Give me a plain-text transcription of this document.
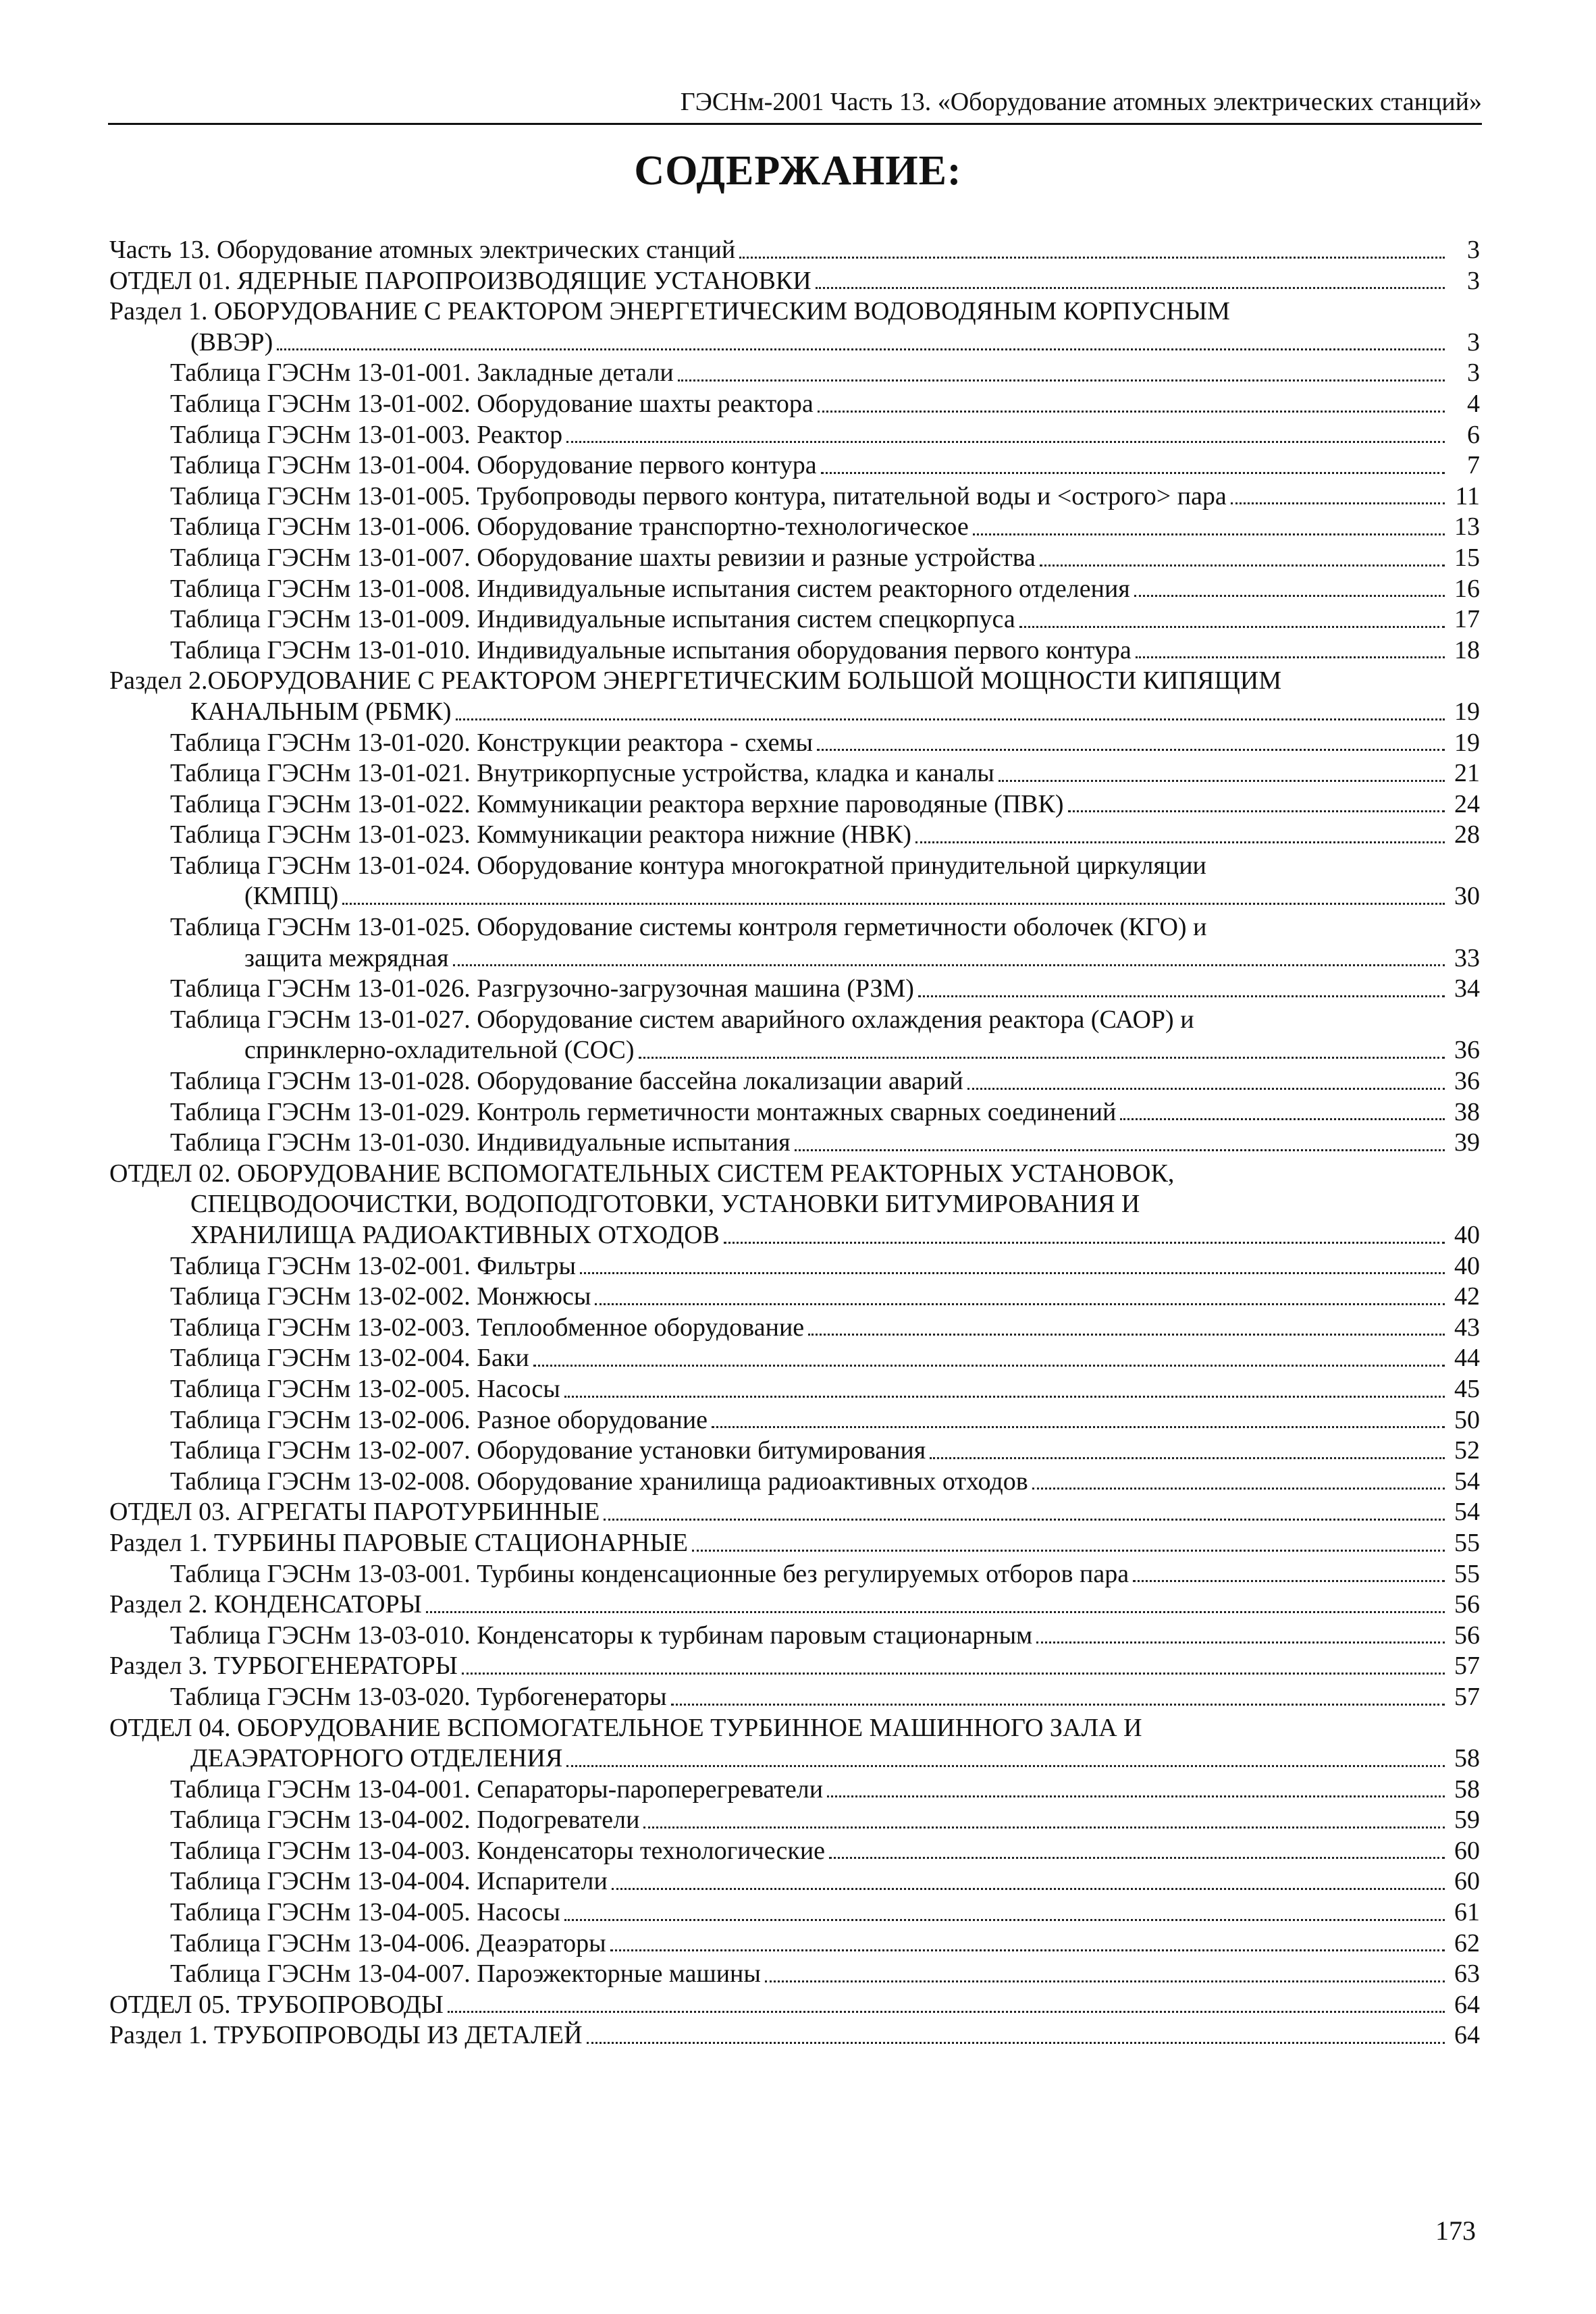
ГЭСНм-2001 Часть 13. «Оборудование атомных электрических станций»
СОДЕРЖАНИЕ:
Часть 13. Оборудование атомных электрических станций	3
ОТДЕЛ 01. ЯДЕРНЫЕ ПАРОПРОИЗВОДЯЩИЕ УСТАНОВКИ	3
Раздел 1. ОБОРУДОВАНИЕ С РЕАКТОРОМ ЭНЕРГЕТИЧЕСКИМ ВОДОВОДЯНЫМ КОРПУСНЫМ
(ВВЭР)	3
Таблица ГЭСНм 13-01-001. Закладные детали	3
Таблица ГЭСНм 13-01-002. Оборудование шахты реактора	4
Таблица ГЭСНм 13-01-003. Реактор	6
Таблица ГЭСНм 13-01-004. Оборудование первого контура	7
Таблица ГЭСНм 13-01-005. Трубопроводы первого контура, питательной воды и <острого> пара	11
Таблица ГЭСНм 13-01-006. Оборудование транспортно-технологическое	13
Таблица ГЭСНм 13-01-007. Оборудование шахты ревизии и разные устройства	15
Таблица ГЭСНм 13-01-008. Индивидуальные испытания систем реакторного отделения	16
Таблица ГЭСНм 13-01-009. Индивидуальные испытания систем спецкорпуса	17
Таблица ГЭСНм 13-01-010. Индивидуальные испытания оборудования первого контура	18
Раздел 2.ОБОРУДОВАНИЕ С РЕАКТОРОМ ЭНЕРГЕТИЧЕСКИМ БОЛЬШОЙ МОЩНОСТИ КИПЯЩИМ
КАНАЛЬНЫМ (РБМК)	19
Таблица ГЭСНм 13-01-020. Конструкции реактора - схемы	19
Таблица ГЭСНм 13-01-021. Внутрикорпусные устройства, кладка и каналы	21
Таблица ГЭСНм 13-01-022. Коммуникации реактора верхние пароводяные (ПВК)	24
Таблица ГЭСНм 13-01-023. Коммуникации реактора нижние (НВК)	28
Таблица ГЭСНм 13-01-024. Оборудование контура многократной принудительной циркуляции
(КМПЦ)	30
Таблица ГЭСНм 13-01-025. Оборудование системы контроля герметичности оболочек (КГО) и
защита межрядная	33
Таблица ГЭСНм 13-01-026. Разгрузочно-загрузочная машина (РЗМ)	34
Таблица ГЭСНм 13-01-027. Оборудование систем аварийного охлаждения реактора (САОР) и
спринклерно-охладительной (СОС)	36
Таблица ГЭСНм 13-01-028. Оборудование бассейна локализации аварий	36
Таблица ГЭСНм 13-01-029. Контроль герметичности монтажных сварных соединений	38
Таблица ГЭСНм 13-01-030. Индивидуальные испытания	39
ОТДЕЛ 02. ОБОРУДОВАНИЕ ВСПОМОГАТЕЛЬНЫХ СИСТЕМ РЕАКТОРНЫХ УСТАНОВОК,
СПЕЦВОДООЧИСТКИ, ВОДОПОДГОТОВКИ, УСТАНОВКИ БИТУМИРОВАНИЯ И
ХРАНИЛИЩА РАДИОАКТИВНЫХ ОТХОДОВ	40
Таблица ГЭСНм 13-02-001. Фильтры	40
Таблица ГЭСНм 13-02-002. Монжюсы	42
Таблица ГЭСНм 13-02-003. Теплообменное оборудование	43
Таблица ГЭСНм 13-02-004. Баки	44
Таблица ГЭСНм 13-02-005. Насосы	45
Таблица ГЭСНм 13-02-006. Разное оборудование	50
Таблица ГЭСНм 13-02-007. Оборудование установки битумирования	52
Таблица ГЭСНм 13-02-008. Оборудование хранилища радиоактивных отходов	54
ОТДЕЛ 03. АГРЕГАТЫ ПАРОТУРБИННЫЕ	54
Раздел 1. ТУРБИНЫ ПАРОВЫЕ СТАЦИОНАРНЫЕ	55
Таблица ГЭСНм 13-03-001. Турбины конденсационные без регулируемых отборов пара	55
Раздел 2. КОНДЕНСАТОРЫ	56
Таблица ГЭСНм 13-03-010. Конденсаторы к турбинам паровым стационарным	56
Раздел 3. ТУРБОГЕНЕРАТОРЫ	57
Таблица ГЭСНм 13-03-020. Турбогенераторы	57
ОТДЕЛ 04. ОБОРУДОВАНИЕ ВСПОМОГАТЕЛЬНОЕ ТУРБИННОЕ МАШИННОГО ЗАЛА И
ДЕАЭРАТОРНОГО ОТДЕЛЕНИЯ	58
Таблица ГЭСНм 13-04-001. Сепараторы-пароперегреватели	58
Таблица ГЭСНм 13-04-002. Подогреватели	59
Таблица ГЭСНм 13-04-003. Конденсаторы технологические	60
Таблица ГЭСНм 13-04-004. Испарители	60
Таблица ГЭСНм 13-04-005. Насосы	61
Таблица ГЭСНм 13-04-006. Деаэраторы	62
Таблица ГЭСНм 13-04-007. Пароэжекторные машины	63
ОТДЕЛ 05. ТРУБОПРОВОДЫ	64
Раздел 1. ТРУБОПРОВОДЫ ИЗ ДЕТАЛЕЙ	64
173
